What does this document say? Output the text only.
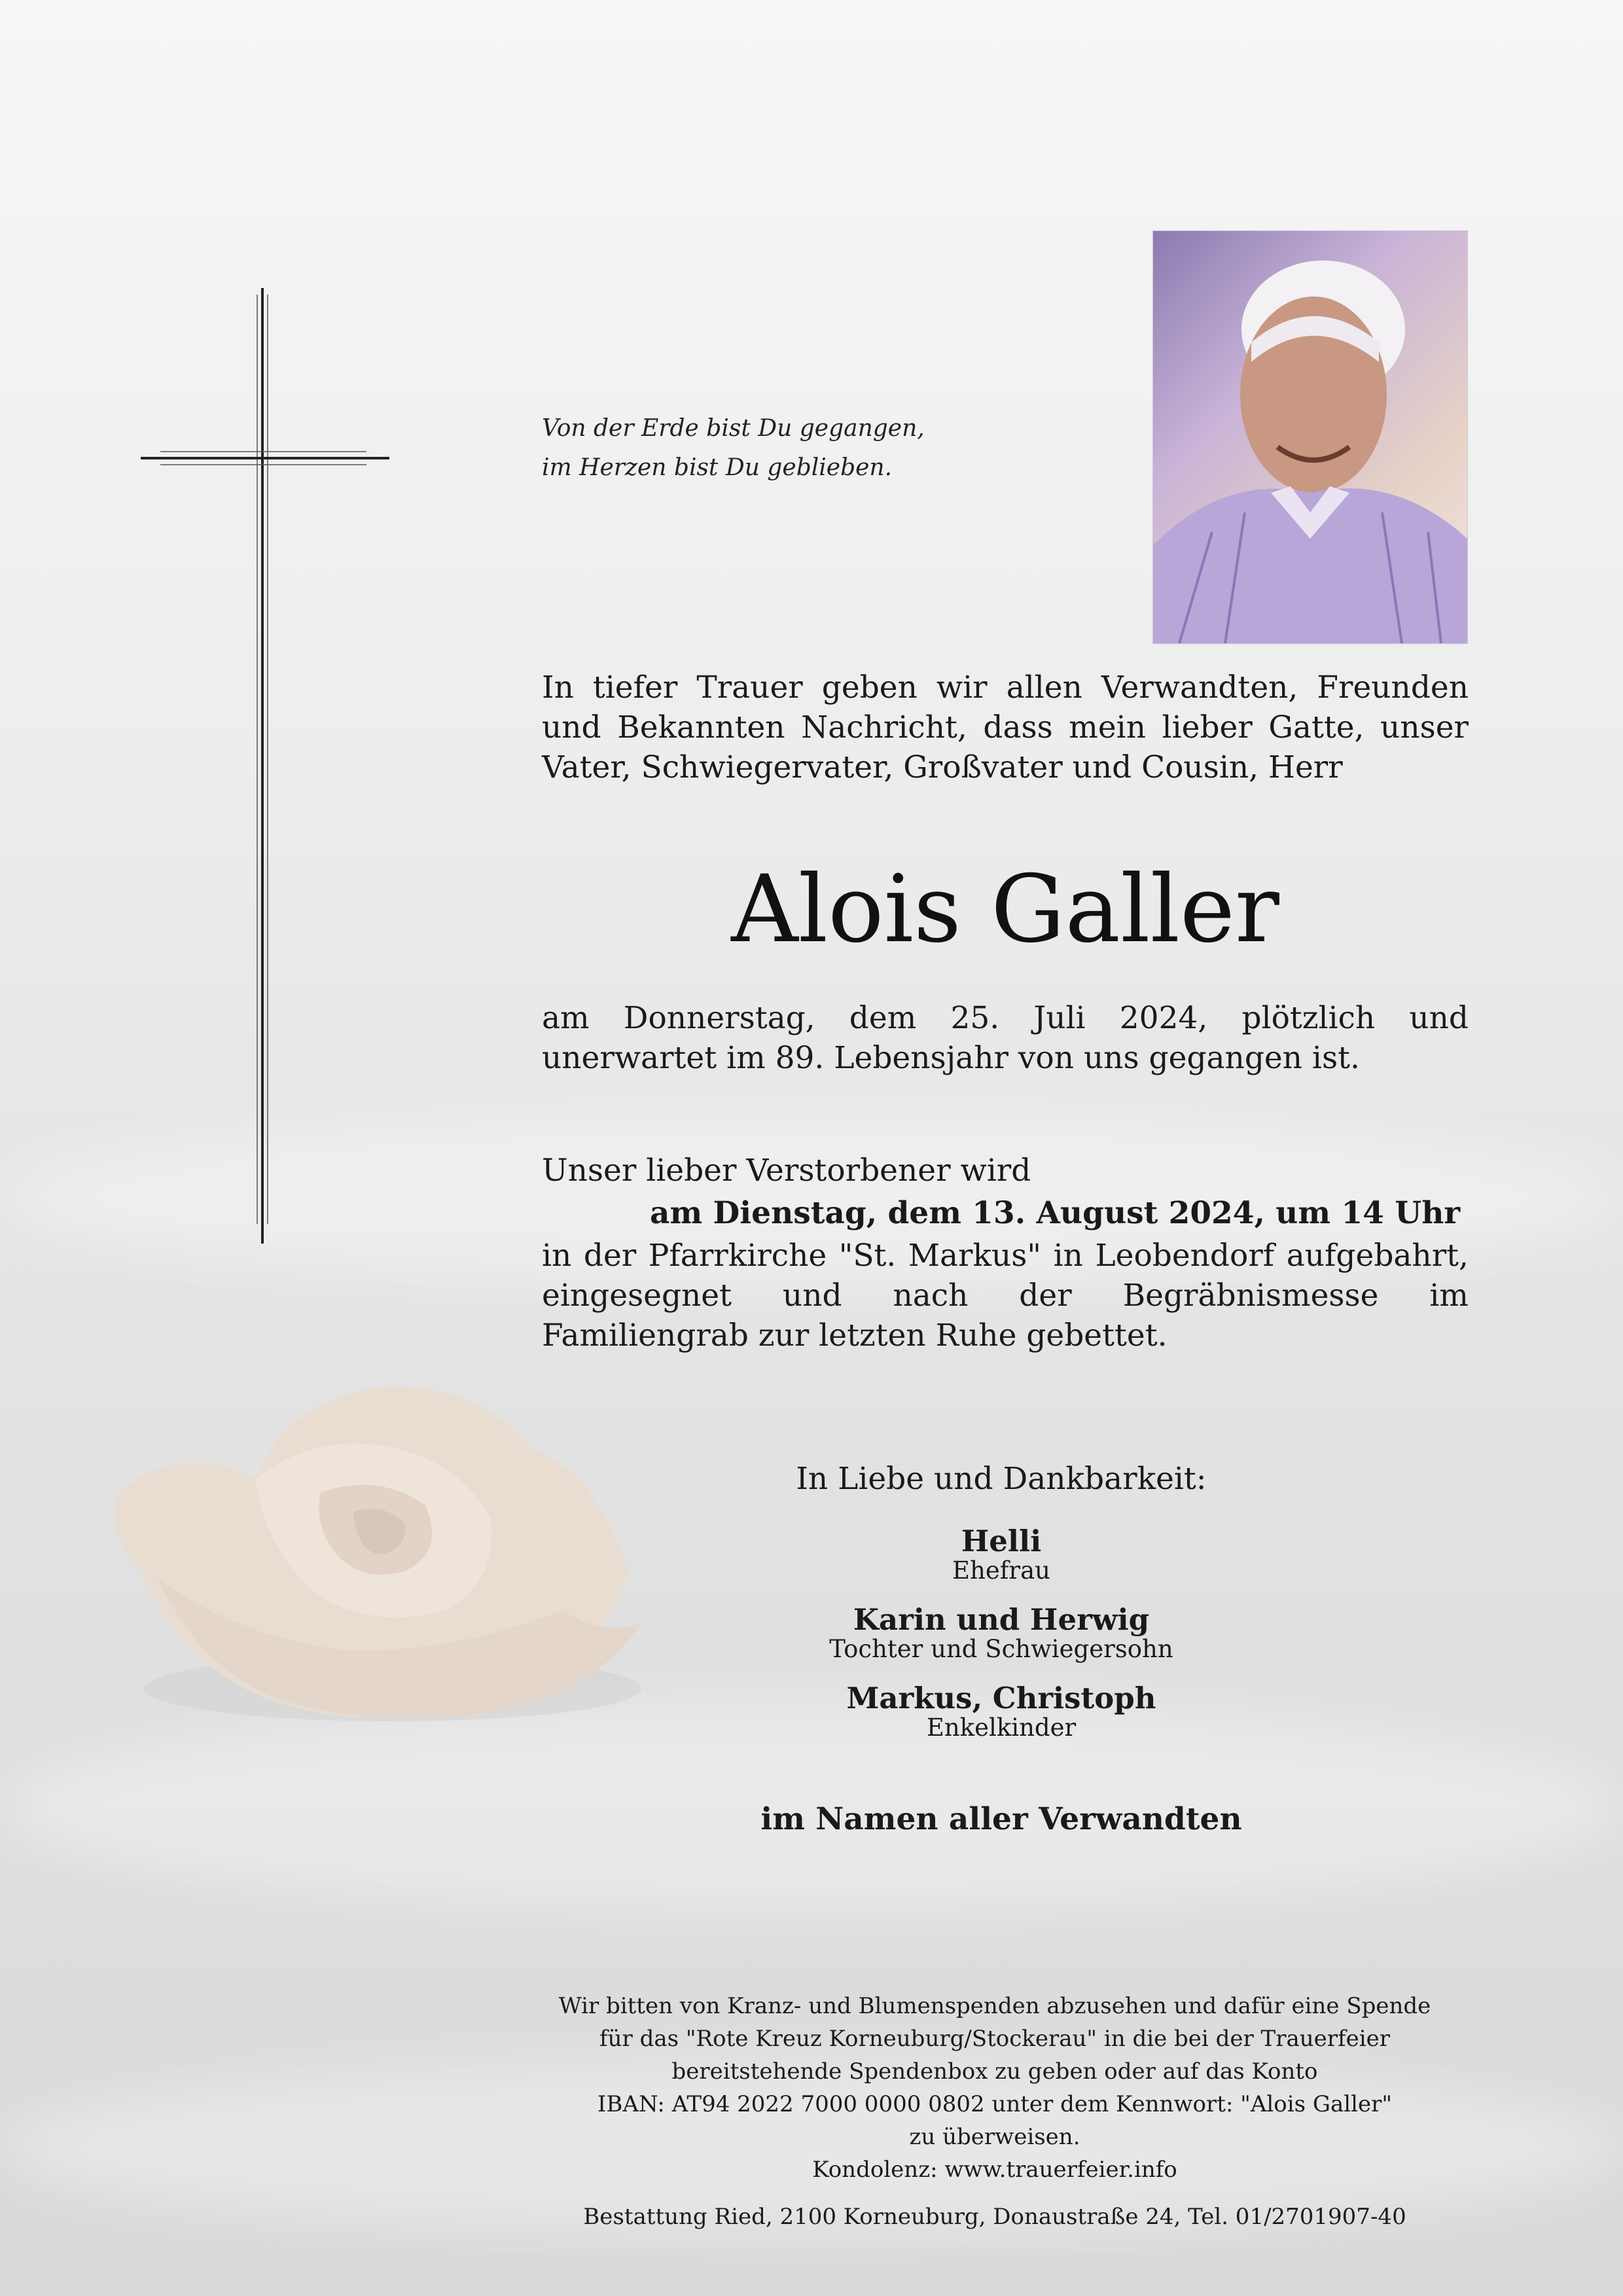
Von der Erde bist Du gegangen,
im Herzen bist Du geblieben.
In tiefer Trauer geben wir allen Verwandten, Freunden und Bekannten Nachricht, dass mein lieber Gatte, unser Vater, Schwiegervater, Großvater und Cousin, Herr
Alois Galler
am Donnerstag, dem 25. Juli 2024, plötzlich und unerwartet im 89. Lebensjahr von uns gegangen ist.
Unser lieber Verstorbener wird
am Dienstag, dem 13. August 2024, um 14 Uhr
in der Pfarrkirche "St. Markus" in Leobendorf aufgebahrt, eingesegnet und nach der Begräbnismesse im Familiengrab zur letzten Ruhe gebettet.
In Liebe und Dankbarkeit:
Helli
Ehefrau
Karin und Herwig
Tochter und Schwiegersohn
Markus, Christoph
Enkelkinder
im Namen aller Verwandten
Wir bitten von Kranz- und Blumenspenden abzusehen und dafür eine Spende
für das "Rote Kreuz Korneuburg/Stockerau" in die bei der Trauerfeier
bereitstehende Spendenbox zu geben oder auf das Konto
IBAN: AT94 2022 7000 0000 0802 unter dem Kennwort: "Alois Galler"
zu überweisen.
Kondolenz: www.trauerfeier.info
Bestattung Ried, 2100 Korneuburg, Donaustraße 24, Tel. 01/2701907-40
